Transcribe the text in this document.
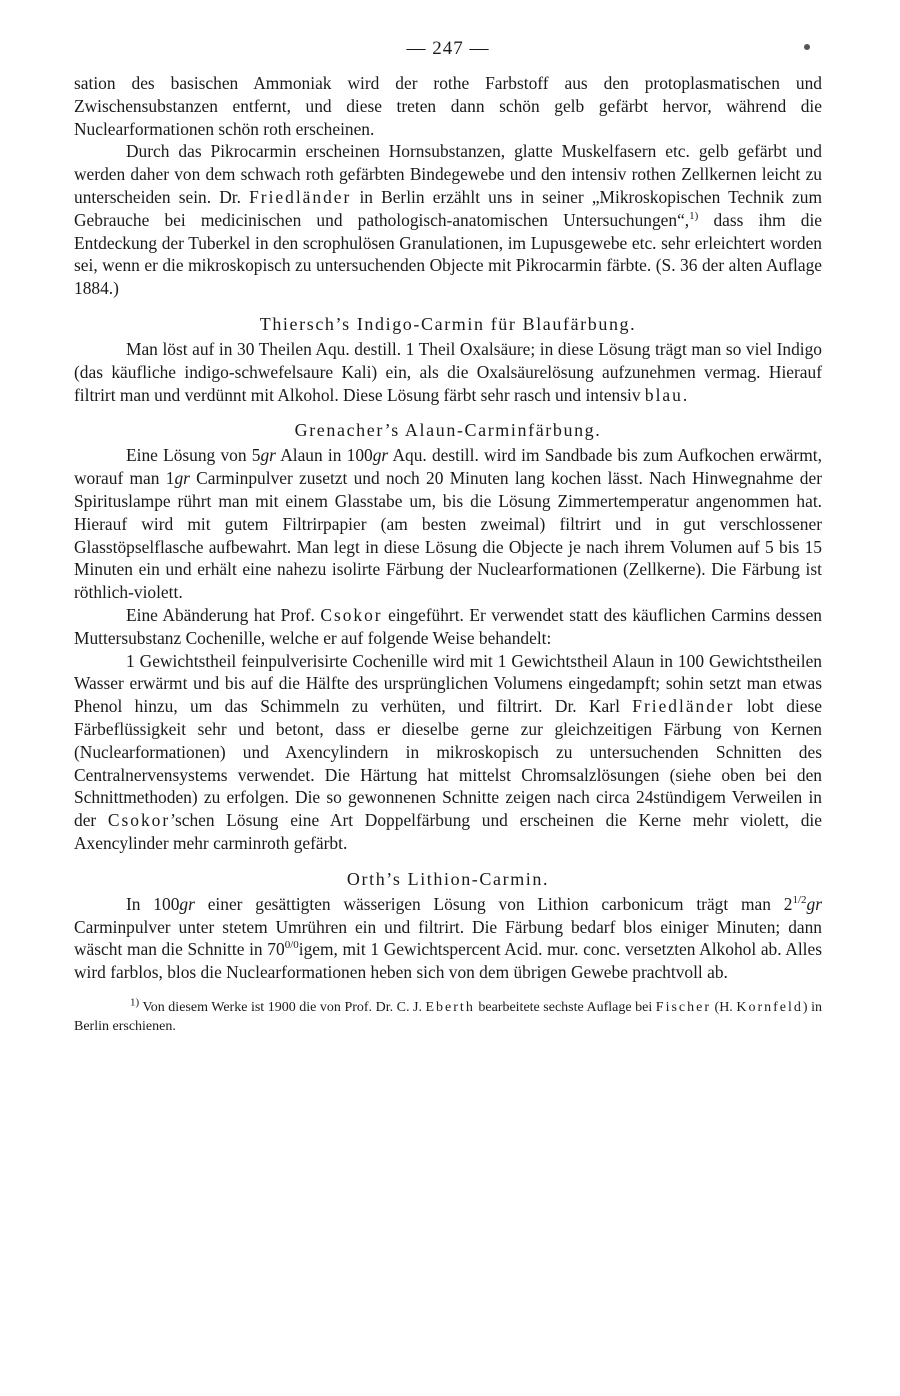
— 247 —

sation des basischen Ammoniak wird der rothe Farbstoff aus den protoplasmatischen und Zwischensubstanzen entfernt, und diese treten dann schön gelb gefärbt hervor, während die Nuclearformationen schön roth erscheinen.

Durch das Pikrocarmin erscheinen Hornsubstanzen, glatte Muskelfasern etc. gelb gefärbt und werden daher von dem schwach roth gefärbten Bindegewebe und den intensiv rothen Zellkernen leicht zu unterscheiden sein. Dr. Friedländer in Berlin erzählt uns in seiner „Mikroskopischen Technik zum Gebrauche bei medicinischen und pathologisch-anatomischen Untersuchungen“,$^{1)}$ dass ihm die Entdeckung der Tuberkel in den scrophulösen Granulationen, im Lupusgewebe etc. sehr erleichtert worden sei, wenn er die mikroskopisch zu untersuchenden Objecte mit Pikrocarmin färbte. (S. 36 der alten Auflage 1884.)

Thiersch’s Indigo-Carmin für Blaufärbung.

Man löst auf in 30 Theilen Aqu. destill. 1 Theil Oxalsäure; in diese Lösung trägt man so viel Indigo (das käufliche indigo-schwefelsaure Kali) ein, als die Oxalsäurelösung aufzunehmen vermag. Hierauf filtrirt man und verdünnt mit Alkohol. Diese Lösung färbt sehr rasch und intensiv blau.

Grenacher’s Alaun-Carminfärbung.

Eine Lösung von 5gr Alaun in 100gr Aqu. destill. wird im Sandbade bis zum Aufkochen erwärmt, worauf man 1gr Carminpulver zusetzt und noch 20 Minuten lang kochen lässt. Nach Hinwegnahme der Spirituslampe rührt man mit einem Glasstabe um, bis die Lösung Zimmertemperatur angenommen hat. Hierauf wird mit gutem Filtrirpapier (am besten zweimal) filtrirt und in gut verschlossener Glasstöpselflasche aufbewahrt. Man legt in diese Lösung die Objecte je nach ihrem Volumen auf 5 bis 15 Minuten ein und erhält eine nahezu isolirte Färbung der Nuclearformationen (Zellkerne). Die Färbung ist röthlich-violett.

Eine Abänderung hat Prof. Csokor eingeführt. Er verwendet statt des käuflichen Carmins dessen Muttersubstanz Cochenille, welche er auf folgende Weise behandelt:

1 Gewichtstheil feinpulverisirte Cochenille wird mit 1 Gewichtstheil Alaun in 100 Gewichtstheilen Wasser erwärmt und bis auf die Hälfte des ursprünglichen Volumens eingedampft; sohin setzt man etwas Phenol hinzu, um das Schimmeln zu verhüten, und filtrirt. Dr. Karl Friedländer lobt diese Färbeflüssigkeit sehr und betont, dass er dieselbe gerne zur gleichzeitigen Färbung von Kernen (Nuclearformationen) und Axencylindern in mikroskopisch zu untersuchenden Schnitten des Centralnervensystems verwendet. Die Härtung hat mittelst Chromsalzlösungen (siehe oben bei den Schnittmethoden) zu erfolgen. Die so gewonnenen Schnitte zeigen nach circa 24stündigem Verweilen in der Csokor’schen Lösung eine Art Doppelfärbung und erscheinen die Kerne mehr violett, die Axencylinder mehr carminroth gefärbt.

Orth’s Lithion-Carmin.

In 100gr einer gesättigten wässerigen Lösung von Lithion carbonicum trägt man $2^{1/2}gr$ Carminpulver unter stetem Umrühren ein und filtrirt. Die Färbung bedarf blos einiger Minuten; dann wäscht man die Schnitte in $70^{0/0}igem$, mit 1 Gewichtspercent Acid. mur. conc. versetzten Alkohol ab. Alles wird farblos, blos die Nuclearformationen heben sich von dem übrigen Gewebe prachtvoll ab.

$^{1)}$ Von diesem Werke ist 1900 die von Prof. Dr. C. J. Eberth bearbeitete sechste Auflage bei Fischer (H. Kornfeld) in Berlin erschienen.
